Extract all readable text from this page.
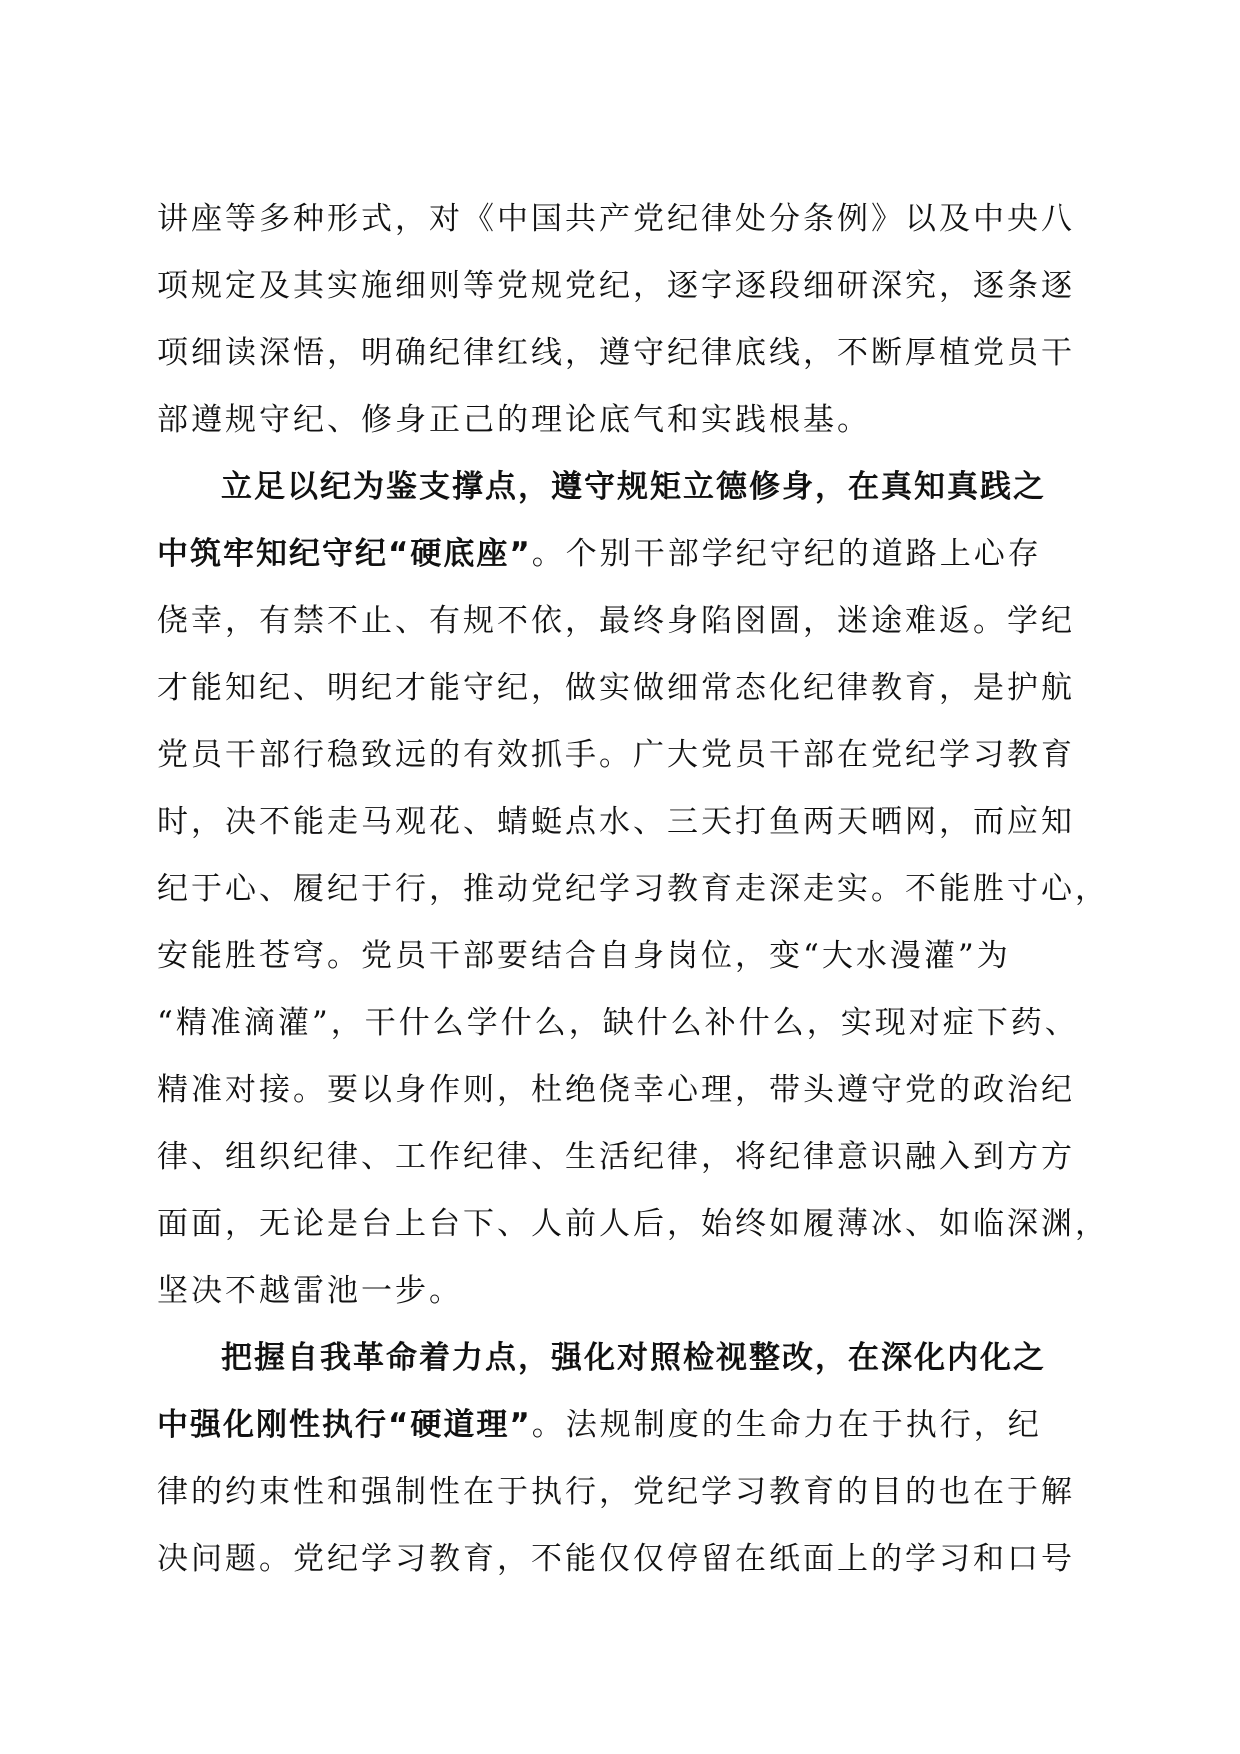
讲座等多种形式，对《中国共产党纪律处分条例》以及中央八
项规定及其实施细则等党规党纪，逐字逐段细研深究，逐条逐
项细读深悟，明确纪律红线，遵守纪律底线，不断厚植党员干
部遵规守纪、修身正己的理论底气和实践根基。
立足以纪为鉴支撑点，遵守规矩立德修身，在真知真践之
中筑牢知纪守纪“硬底座”。个别干部学纪守纪的道路上心存
侥幸，有禁不止、有规不依，最终身陷囹圄，迷途难返。学纪
才能知纪、明纪才能守纪，做实做细常态化纪律教育，是护航
党员干部行稳致远的有效抓手。广大党员干部在党纪学习教育
时，决不能走马观花、蜻蜓点水、三天打鱼两天晒网，而应知
纪于心、履纪于行，推动党纪学习教育走深走实。不能胜寸心，
安能胜苍穹。党员干部要结合自身岗位，变“大水漫灌”为
“精准滴灌”，干什么学什么，缺什么补什么，实现对症下药、
精准对接。要以身作则，杜绝侥幸心理，带头遵守党的政治纪
律、组织纪律、工作纪律、生活纪律，将纪律意识融入到方方
面面，无论是台上台下、人前人后，始终如履薄冰、如临深渊，
坚决不越雷池一步。
把握自我革命着力点，强化对照检视整改，在深化内化之
中强化刚性执行“硬道理”。法规制度的生命力在于执行，纪
律的约束性和强制性在于执行，党纪学习教育的目的也在于解
决问题。党纪学习教育，不能仅仅停留在纸面上的学习和口号
